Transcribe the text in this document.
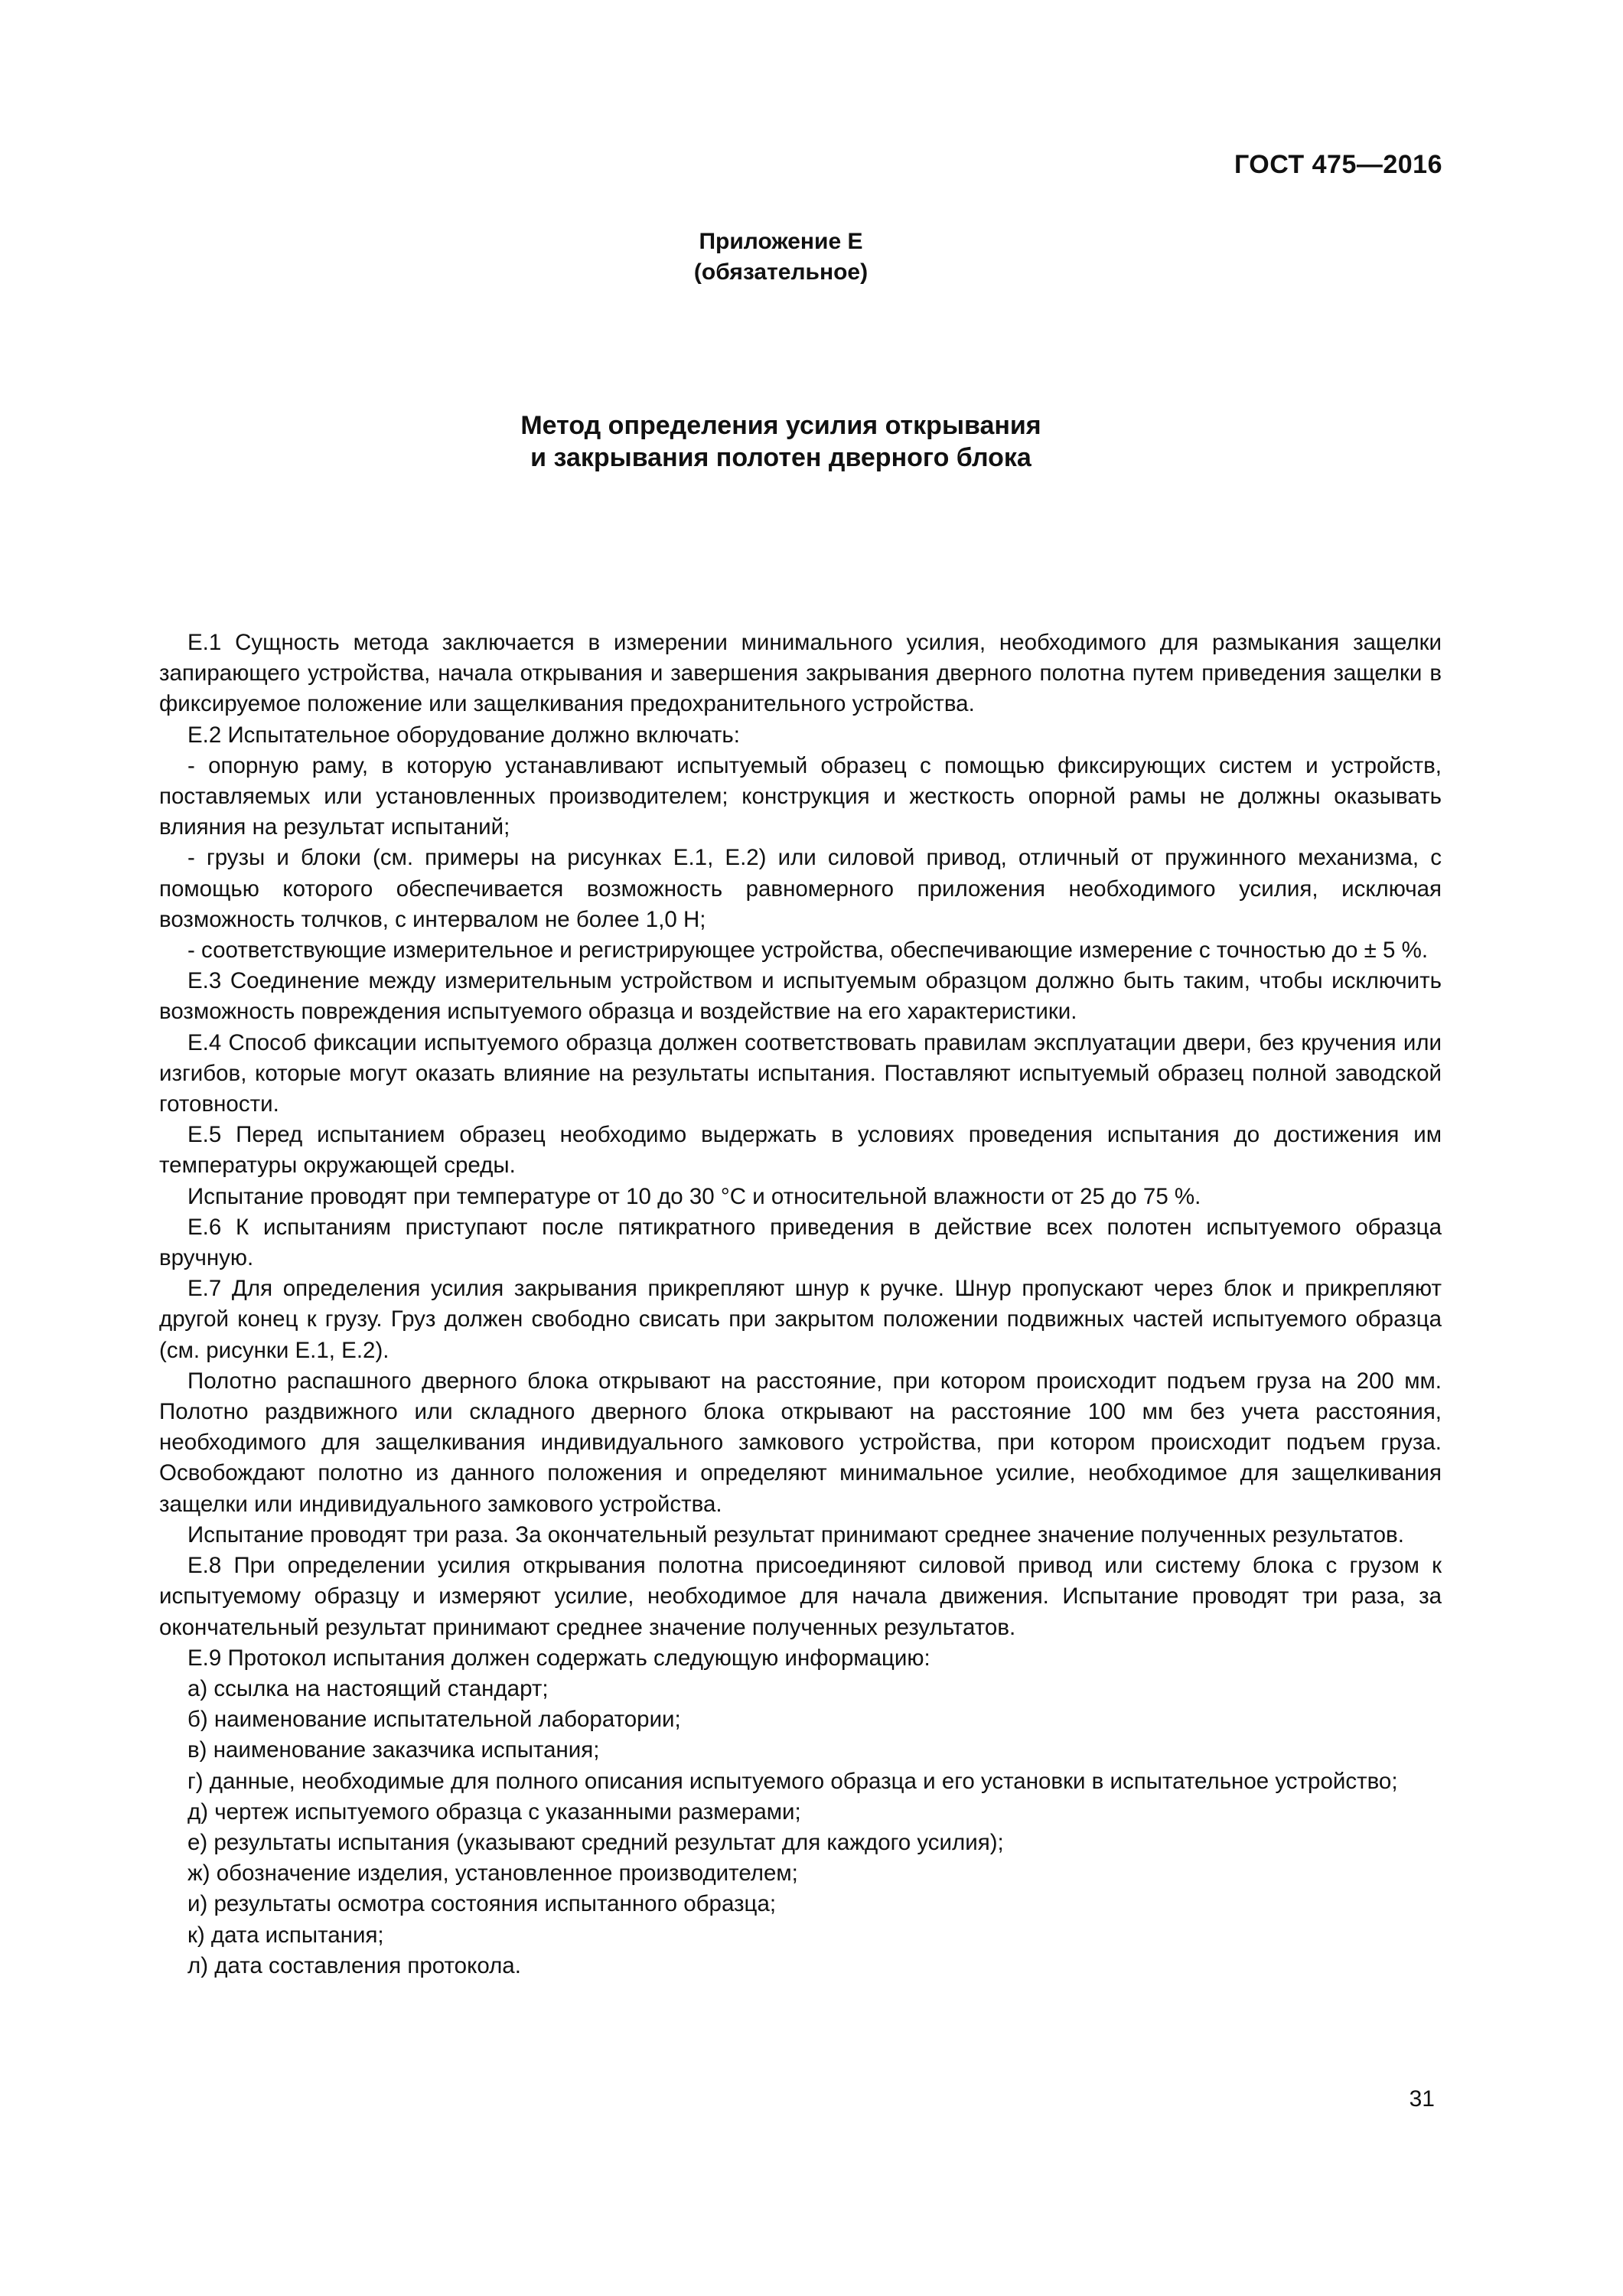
ГОСТ 475—2016
Приложение Е
(обязательное)
Метод определения усилия открывания
и закрывания полотен дверного блока

Е.1 Сущность метода заключается в измерении минимального усилия, необходимого для размыкания защелки запирающего устройства, начала открывания и завершения закрывания дверного полотна путем приведения защелки в фиксируемое положение или защелкивания предохранительного устройства.

Е.2 Испытательное оборудование должно включать:

- опорную раму, в которую устанавливают испытуемый образец с помощью фиксирующих систем и устройств, поставляемых или установленных производителем; конструкция и жесткость опорной рамы не должны оказывать влияния на результат испытаний;

- грузы и блоки (см. примеры на рисунках Е.1, Е.2) или силовой привод, отличный от пружинного механизма, с помощью которого обеспечивается возможность равномерного приложения необходимого усилия, исключая возможность толчков, с интервалом не более 1,0 Н;

- соответствующие измерительное и регистрирующее устройства, обеспечивающие измерение с точностью до ± 5 %.

Е.3 Соединение между измерительным устройством и испытуемым образцом должно быть таким, чтобы исключить возможность повреждения испытуемого образца и воздействие на его характеристики.

Е.4 Способ фиксации испытуемого образца должен соответствовать правилам эксплуатации двери, без кручения или изгибов, которые могут оказать влияние на результаты испытания. Поставляют испытуемый образец полной заводской готовности.

Е.5 Перед испытанием образец необходимо выдержать в условиях проведения испытания до достижения им температуры окружающей среды.

Испытание проводят при температуре от 10 до 30 °С и относительной влажности от 25 до 75 %.

Е.6 К испытаниям приступают после пятикратного приведения в действие всех полотен испытуемого образца вручную.

Е.7 Для определения усилия закрывания прикрепляют шнур к ручке. Шнур пропускают через блок и прикрепляют другой конец к грузу. Груз должен свободно свисать при закрытом положении подвижных частей испытуемого образца (см. рисунки Е.1, Е.2).

Полотно распашного дверного блока открывают на расстояние, при котором происходит подъем груза на 200 мм. Полотно раздвижного или складного дверного блока открывают на расстояние 100 мм без учета расстояния, необходимого для защелкивания индивидуального замкового устройства, при котором происходит подъем груза. Освобождают полотно из данного положения и определяют минимальное усилие, необходимое для защелкивания защелки или индивидуального замкового устройства.

Испытание проводят три раза. За окончательный результат принимают среднее значение полученных результатов.

Е.8 При определении усилия открывания полотна присоединяют силовой привод или систему блока с грузом к испытуемому образцу и измеряют усилие, необходимое для начала движения. Испытание проводят три раза, за окончательный результат принимают среднее значение полученных результатов.

Е.9 Протокол испытания должен содержать следующую информацию:

а) ссылка на настоящий стандарт;

б) наименование испытательной лаборатории;

в) наименование заказчика испытания;

г) данные, необходимые для полного описания испытуемого образца и его установки в испытательное устройство;

д) чертеж испытуемого образца с указанными размерами;

е) результаты испытания (указывают средний результат для каждого усилия);

ж) обозначение изделия, установленное производителем;

и) результаты осмотра состояния испытанного образца;

к) дата испытания;

л) дата составления протокола.

31
